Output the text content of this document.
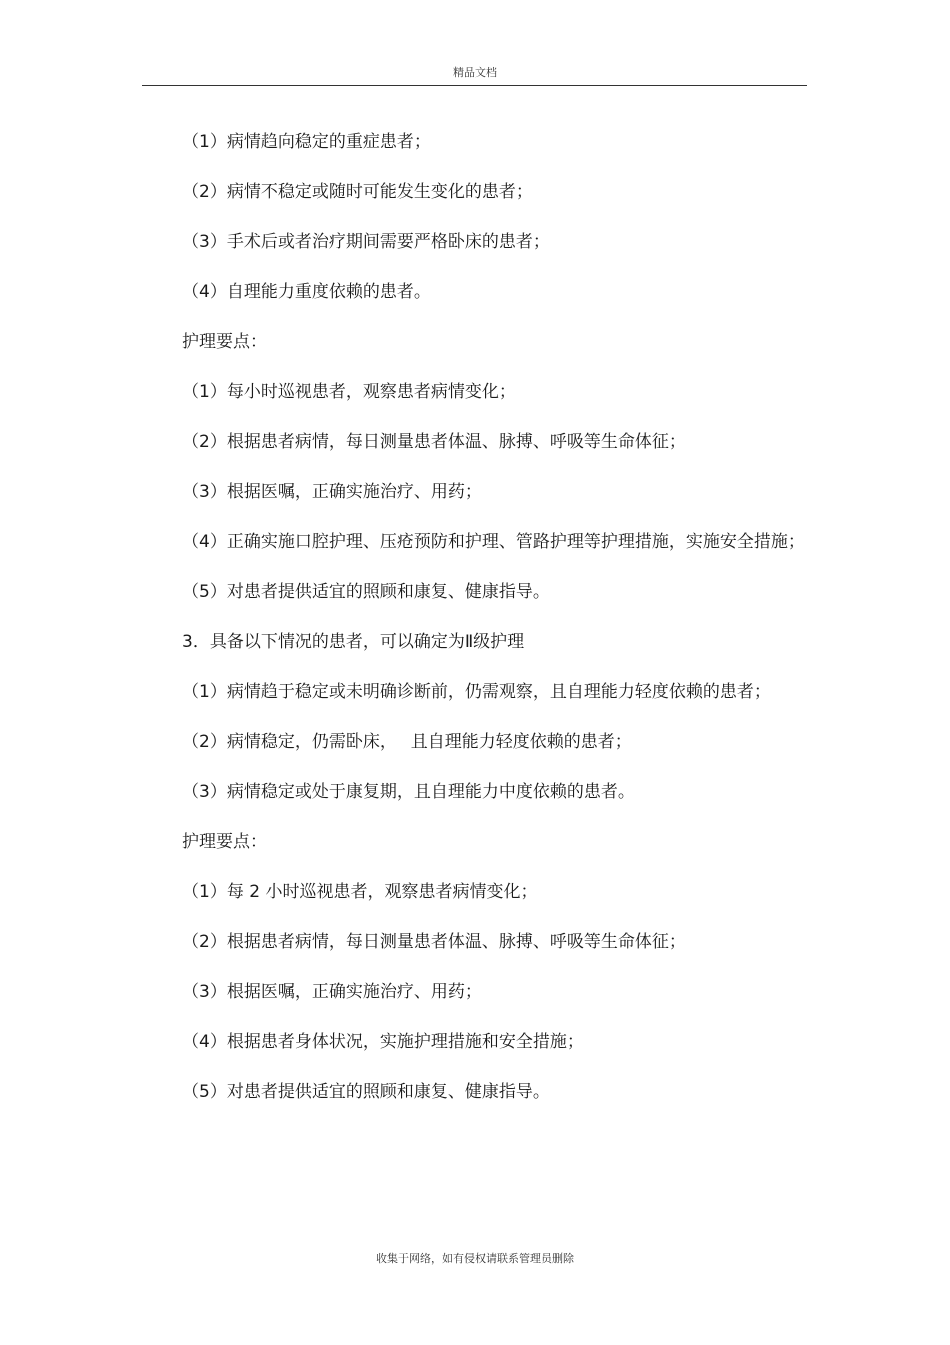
精品文档

（1）病情趋向稳定的重症患者；

（2）病情不稳定或随时可能发生变化的患者；

（3）手术后或者治疗期间需要严格卧床的患者；

（4）自理能力重度依赖的患者。

护理要点：

（1）每小时巡视患者，观察患者病情变化；

（2）根据患者病情，每日测量患者体温、脉搏、呼吸等生命体征；

（3）根据医嘱，正确实施治疗、用药；

（4）正确实施口腔护理、压疮预防和护理、管路护理等护理措施，实施安全措施；

（5）对患者提供适宜的照顾和康复、健康指导。

3．具备以下情况的患者，可以确定为Ⅱ级护理

（1）病情趋于稳定或未明确诊断前，仍需观察，且自理能力轻度依赖的患者；

（2）病情稳定，仍需卧床，　 且自理能力轻度依赖的患者；

（3）病情稳定或处于康复期，且自理能力中度依赖的患者。

护理要点：

（1）每 2 小时巡视患者，观察患者病情变化；

（2）根据患者病情，每日测量患者体温、脉搏、呼吸等生命体征；

（3）根据医嘱，正确实施治疗、用药；

（4）根据患者身体状况，实施护理措施和安全措施；

（5）对患者提供适宜的照顾和康复、健康指导。

收集于网络，如有侵权请联系管理员删除
